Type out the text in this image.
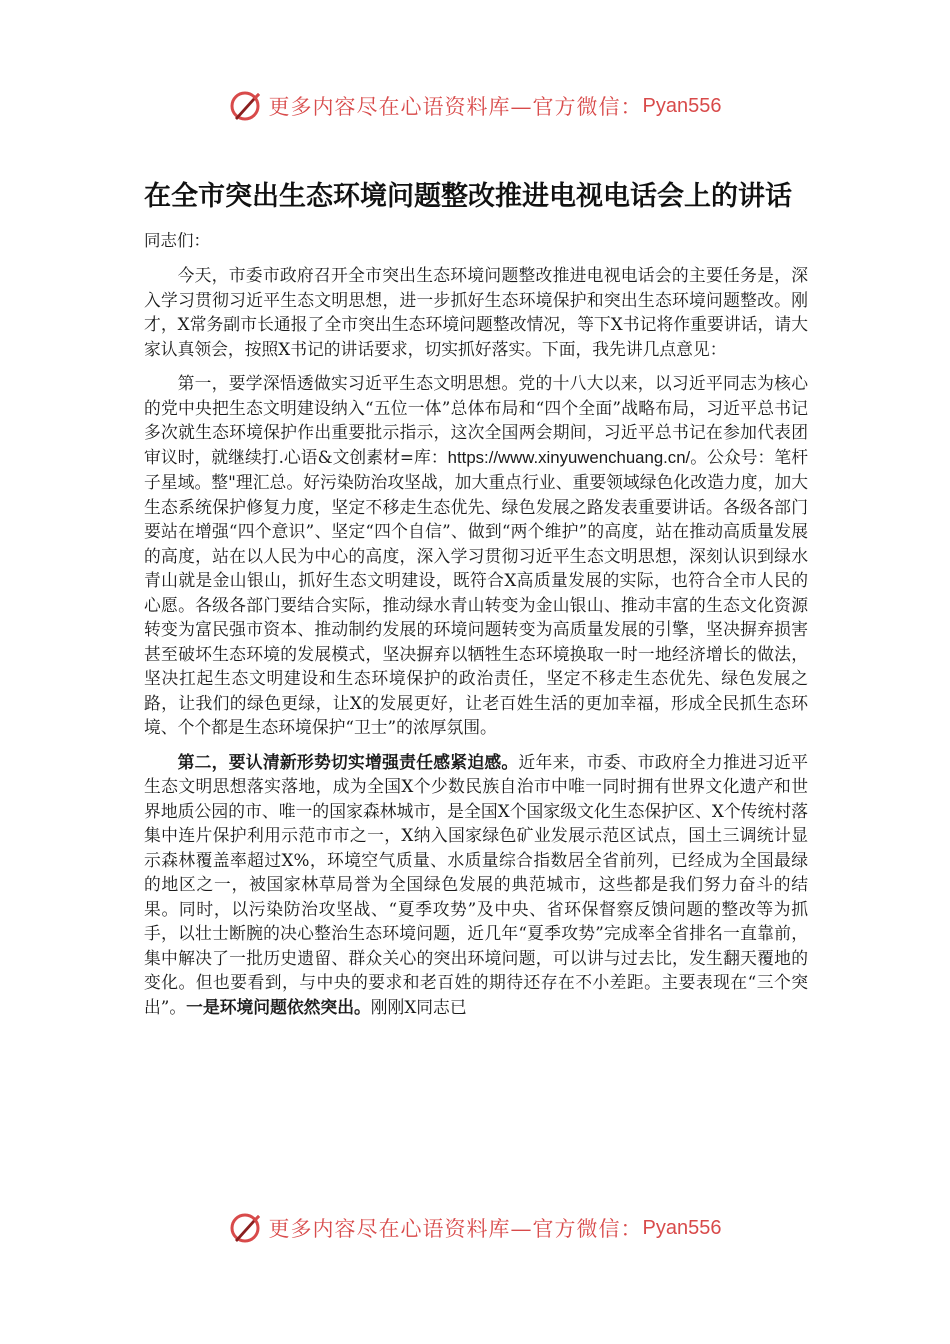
更多内容尽在心语资料库—官方微信： Pyan556
在全市突出生态环境问题整改推进电视电话会上的讲话
同志们：

今天，市委市政府召开全市突出生态环境问题整改推进电视电话会的主要任务是，深入学习贯彻习近平生态文明思想，进一步抓好生态环境保护和突出生态环境问题整改。刚才，X常务副市长通报了全市突出生态环境问题整改情况，等下X书记将作重要讲话，请大家认真领会，按照X书记的讲话要求，切实抓好落实。下面，我先讲几点意见：

第一，要学深悟透做实习近平生态文明思想。党的十八大以来，以习近平同志为核心的党中央把生态文明建设纳入“五位一体”总体布局和“四个全面”战略布局，习近平总书记多次就生态环境保护作出重要批示指示，这次全国两会期间，习近平总书记在参加代表团审议时，就继续打.心语&文创素材=库：https://www.xinyuwenchuang.cn/。公众号：笔杆子星域。整"理汇总。好污染防治攻坚战，加大重点行业、重要领域绿色化改造力度，加大生态系统保护修复力度，坚定不移走生态优先、绿色发展之路发表重要讲话。各级各部门要站在增强“四个意识”、坚定“四个自信”、做到“两个维护”的高度，站在推动高质量发展的高度，站在以人民为中心的高度，深入学习贯彻习近平生态文明思想，深刻认识到绿水青山就是金山银山，抓好生态文明建设，既符合X高质量发展的实际，也符合全市人民的心愿。各级各部门要结合实际，推动绿水青山转变为金山银山、推动丰富的生态文化资源转变为富民强市资本、推动制约发展的环境问题转变为高质量发展的引擎，坚决摒弃损害甚至破坏生态环境的发展模式，坚决摒弃以牺牲生态环境换取一时一地经济增长的做法，坚决扛起生态文明建设和生态环境保护的政治责任，坚定不移走生态优先、绿色发展之路，让我们的绿色更绿，让X的发展更好，让老百姓生活的更加幸福，形成全民抓生态环境、个个都是生态环境保护“卫士”的浓厚氛围。

第二，要认清新形势切实增强责任感紧迫感。近年来，市委、市政府全力推进习近平生态文明思想落实落地，成为全国X个少数民族自治市中唯一同时拥有世界文化遗产和世界地质公园的市、唯一的国家森林城市，是全国X个国家级文化生态保护区、X个传统村落集中连片保护利用示范市市之一，X纳入国家绿色矿业发展示范区试点，国土三调统计显示森林覆盖率超过X%，环境空气质量、水质量综合指数居全省前列，已经成为全国最绿的地区之一，被国家林草局誉为全国绿色发展的典范城市，这些都是我们努力奋斗的结果。同时，以污染防治攻坚战、“夏季攻势”及中央、省环保督察反馈问题的整改等为抓手，以壮士断腕的决心整治生态环境问题，近几年“夏季攻势”完成率全省排名一直靠前，集中解决了一批历史遗留、群众关心的突出环境问题，可以讲与过去比，发生翻天覆地的变化。但也要看到，与中央的要求和老百姓的期待还存在不小差距。主要表现在“三个突出”。一是环境问题依然突出。刚刚X同志已

更多内容尽在心语资料库—官方微信： Pyan556
